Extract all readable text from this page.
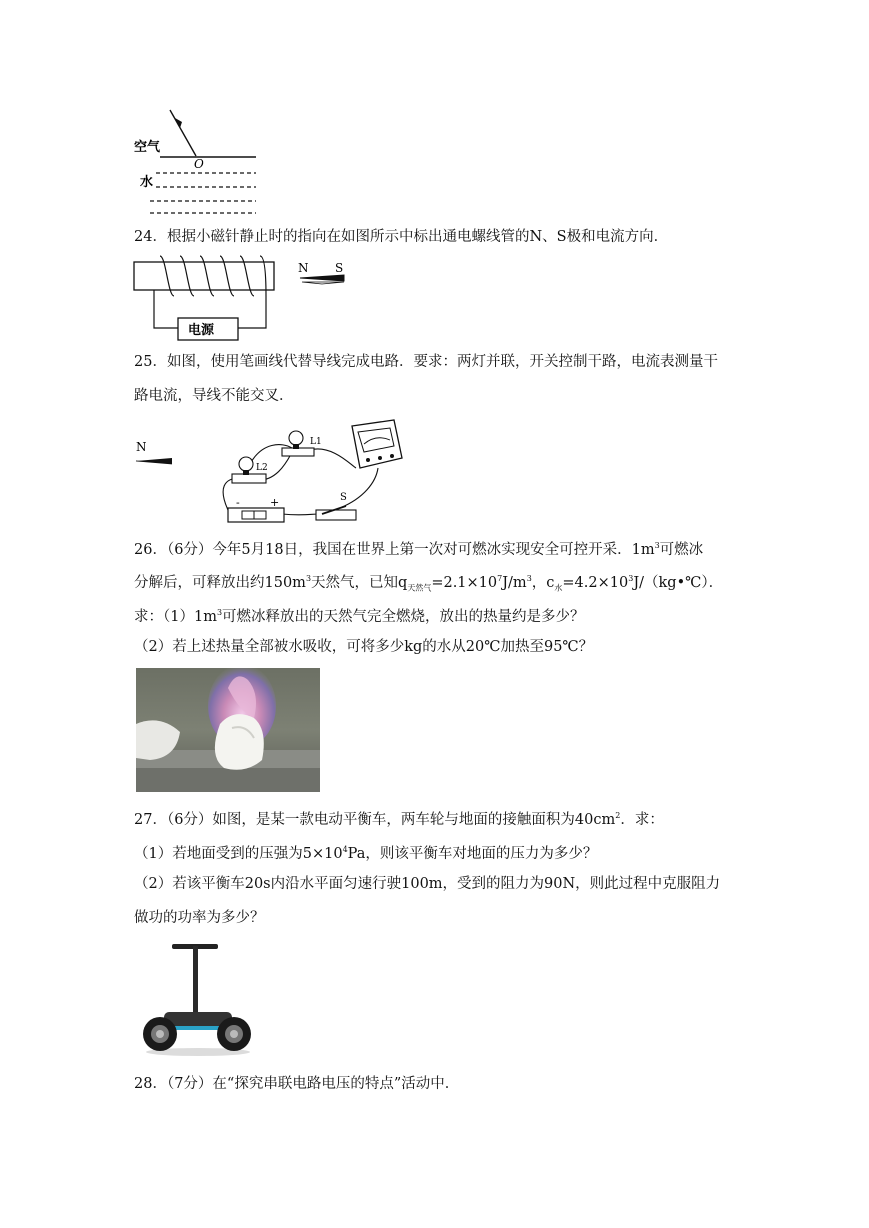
空气
水
O
24．根据小磁针静止时的指向在如图所示中标出通电螺线管的N、S极和电流方向．
电源
N S
25．如图，使用笔画线代替导线完成电路．要求：两灯并联，开关控制干路，电流表测量干
路电流，导线不能交叉．
N	L1
L2
-	+	S
26．（6分）今年5月18日，我国在世界上第一次对可燃冰实现安全可控开采．$1m^3$可燃冰
分解后，可释放出约$150m^3$天然气，已知$q_{天然气}=2.1\times 10^7J/m^3$，$c_水=4.2\times 10^3J/(kg•℃)$．
求：$(1)1m^3$可燃冰释放出的天然气完全燃烧，放出的热量约是多少？
（2）若上述热量全部被水吸收，可将多少kg的水从20℃加热至95℃？
27．（6分）如图，是某一款电动平衡车，两车轮与地面的接触面积为$40cm^2$．求：
（1）若地面受到的压强为$5\times 10^4Pa$，则该平衡车对地面的压力为多少？
（2）若该平衡车20s内沿水平面匀速行驶100m，受到的阻力为90N，则此过程中克服阻力
做功的功率为多少？
28．（7分）在“探究串联电路电压的特点”活动中．
